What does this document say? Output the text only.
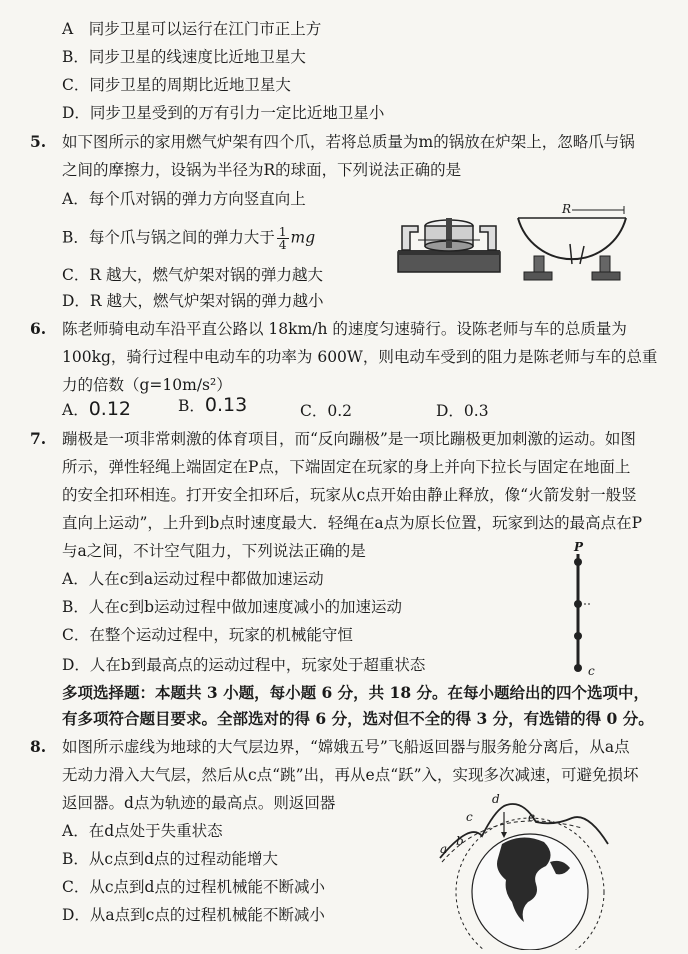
A　同步卫星可以运行在江门市正上方
B．同步卫星的线速度比近地卫星大
C．同步卫星的周期比近地卫星大
D．同步卫星受到的万有引力一定比近地卫星小
5. 如下图所示的家用燃气炉架有四个爪，若将总质量为m的锅放在炉架上，忽略爪与锅
之间的摩擦力，设锅为半径为R的球面，下列说法正确的是
A．每个爪对锅的弹力方向竖直向上
B．每个爪与锅之间的弹力大于 $\frac{1}{4}$ mg
C．R 越大，燃气炉架对锅的弹力越大
D．R 越大，燃气炉架对锅的弹力越小
R
6. 陈老师骑电动车沿平直公路以 18km/h 的速度匀速骑行。设陈老师与车的总质量为
100kg，骑行过程中电动车的功率为 600W，则电动车受到的阻力是陈老师与车的总重
力的倍数（g=10m/s²）
A．0.12	B．0.13	C．0.2	D．0.3
7. 蹦极是一项非常刺激的体育项目，而“反向蹦极”是一项比蹦极更加刺激的运动。如图
所示，弹性轻绳上端固定在P点，下端固定在玩家的身上并向下拉长与固定在地面上
的安全扣环相连。打开安全扣环后，玩家从c点开始由静止释放，像“火箭发射一般竖
直向上运动”，上升到b点时速度最大．轻绳在a点为原长位置，玩家到达的最高点在P
与a之间，不计空气阻力，下列说法正确的是
A．人在c到a运动过程中都做加速运动
B．人在c到b运动过程中做加速度减小的加速运动
C．在整个运动过程中，玩家的机械能守恒
D．人在b到最高点的运动过程中，玩家处于超重状态
P
c
多项选择题：本题共 3 小题，每小题 6 分，共 18 分。在每小题给出的四个选项中，
有多项符合题目要求。全部选对的得 6 分，选对但不全的得 3 分，有选错的得 0 分。
8. 如图所示虚线为地球的大气层边界，“嫦娥五号”飞船返回器与服务舱分离后，从a点
无动力滑入大气层，然后从c点“跳”出，再从e点“跃”入，实现多次减速，可避免损坏
返回器。d点为轨迹的最高点。则返回器
A．在d点处于失重状态
B．从c点到d点的过程动能增大
C．从c点到d点的过程机械能不断减小
D．从a点到c点的过程机械能不断减小
d
c	e
a
b
